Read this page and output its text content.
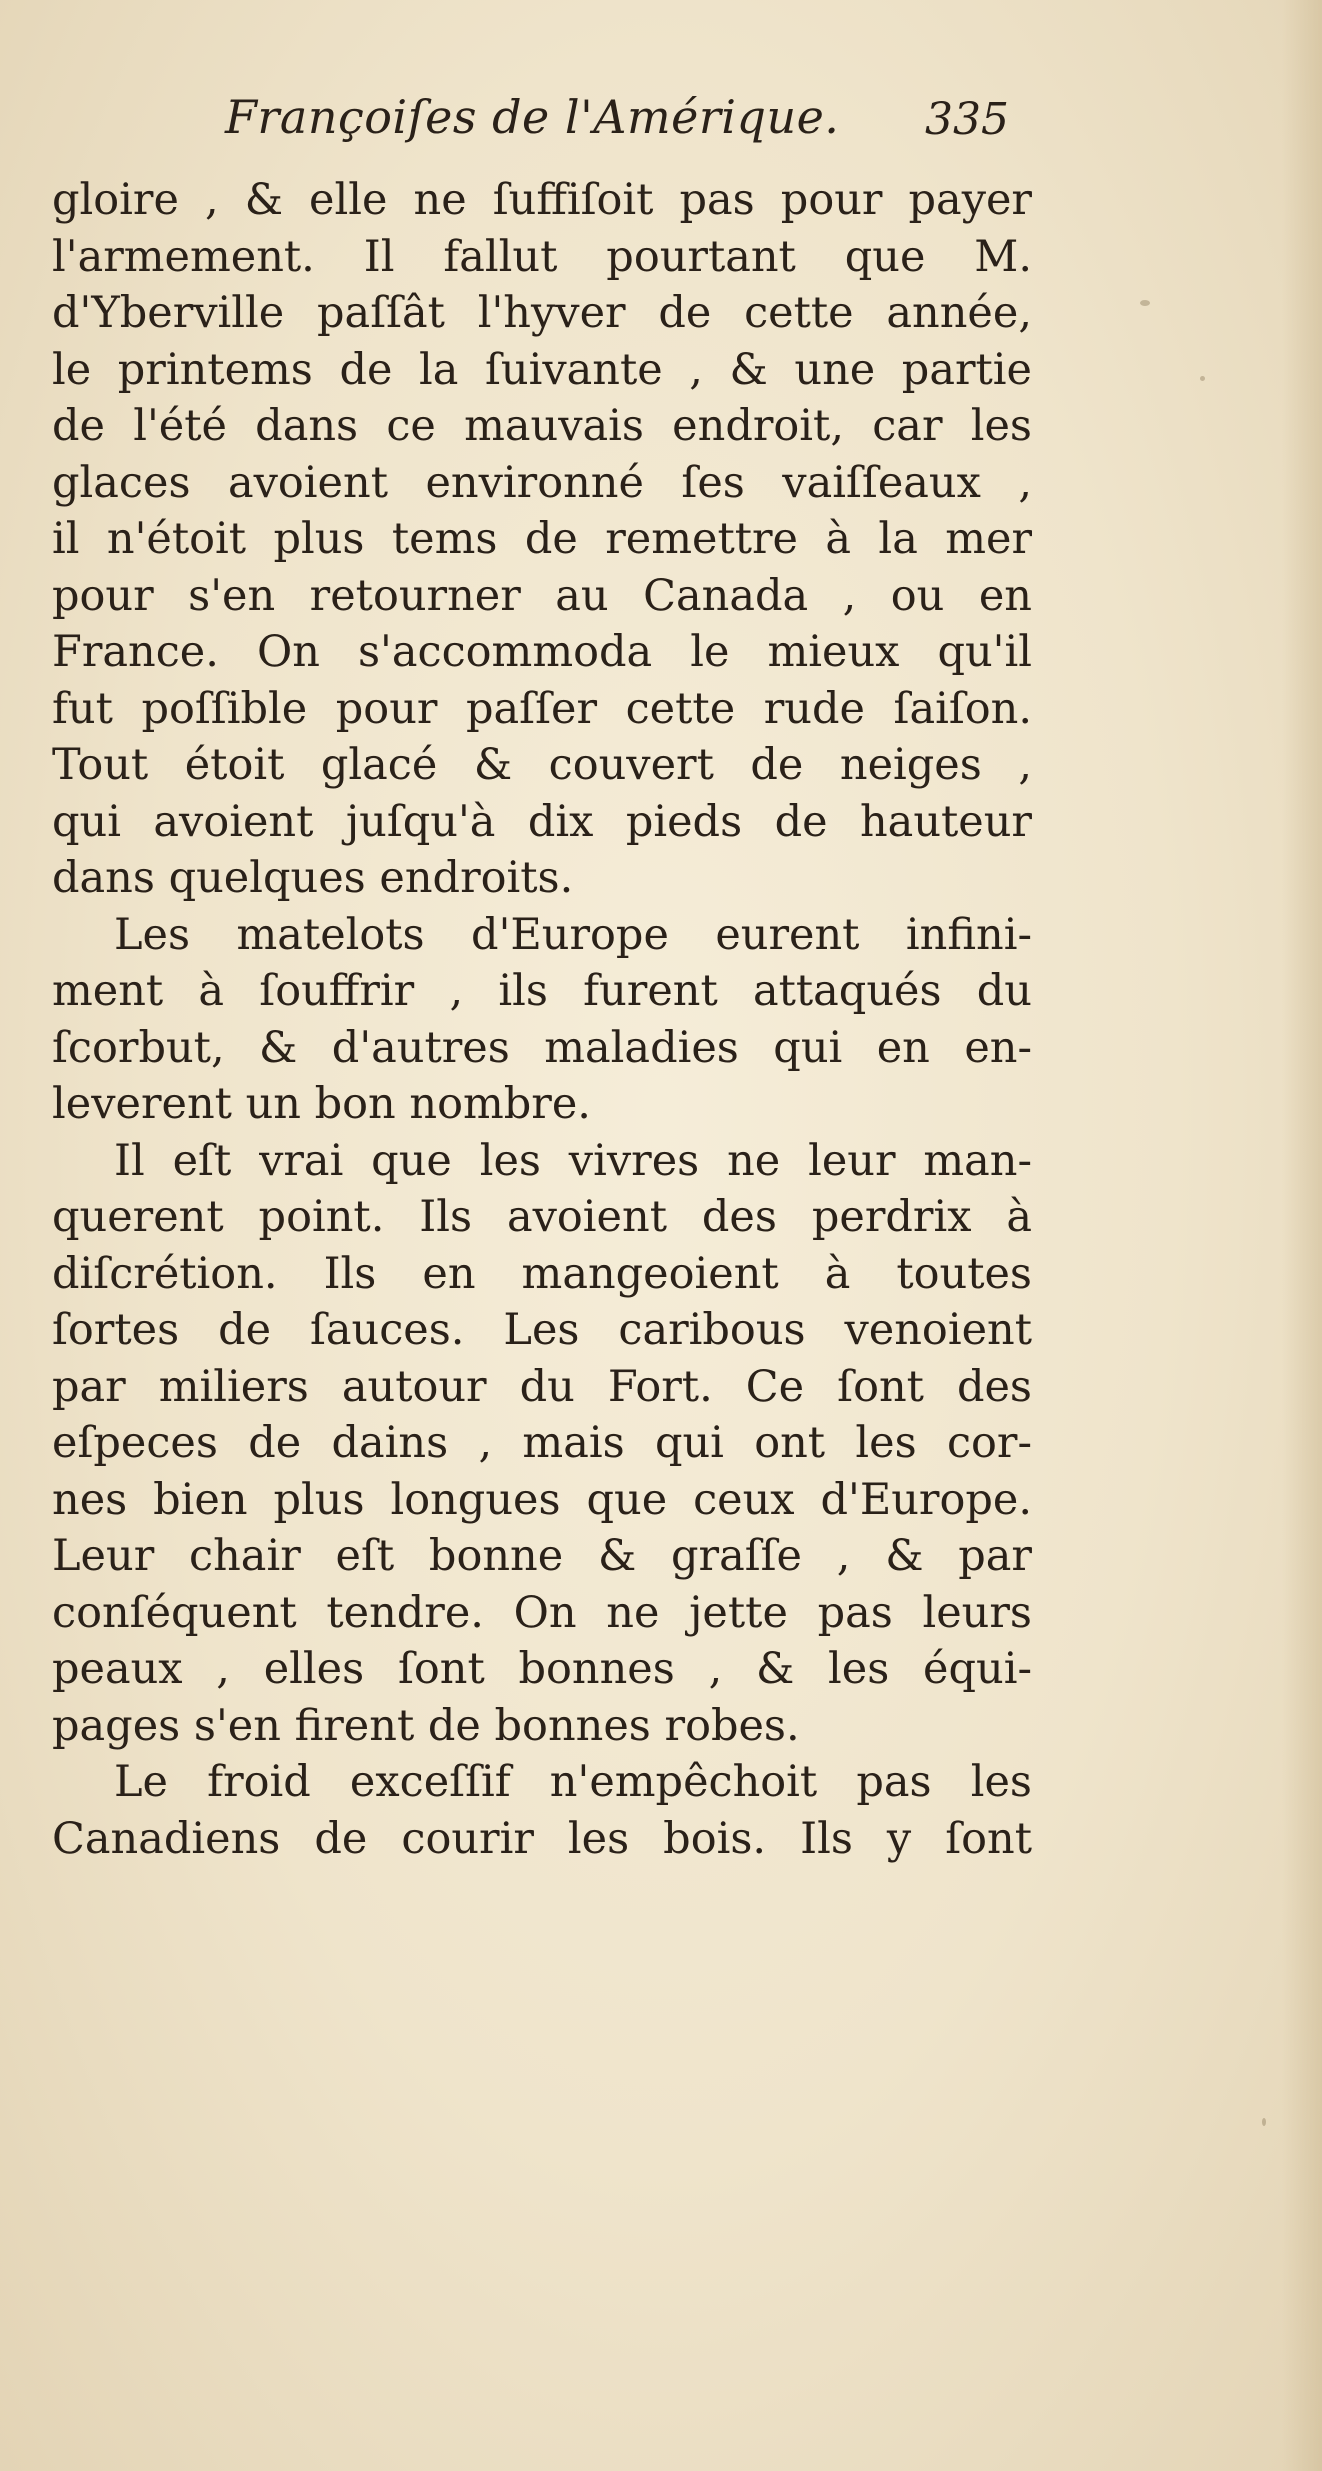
Françoiſes de l'Amérique. 335
gloire , & elle ne ſuffiſoit pas pour payer
l'armement. Il fallut pourtant que M.
d'Yberville paſſât l'hyver de cette année,
le printems de la ſuivante , & une partie
de l'été dans ce mauvais endroit, car les
glaces avoient environné ſes vaiſſeaux ,
il n'étoit plus tems de remettre à la mer
pour s'en retourner au Canada , ou en
France. On s'accommoda le mieux qu'il
fut poſſible pour paſſer cette rude ſaiſon.
Tout étoit glacé & couvert de neiges ,
qui avoient juſqu'à dix pieds de hauteur
dans quelques endroits.
Les matelots d'Europe eurent infini-
ment à ſouffrir , ils furent attaqués du
ſcorbut, & d'autres maladies qui en en-
leverent un bon nombre.
Il eſt vrai que les vivres ne leur man-
querent point. Ils avoient des perdrix à
diſcrétion. Ils en mangeoient à toutes
ſortes de ſauces. Les caribous venoient
par miliers autour du Fort. Ce ſont des
eſpeces de dains , mais qui ont les cor-
nes bien plus longues que ceux d'Europe.
Leur chair eſt bonne & graſſe , & par
conſéquent tendre. On ne jette pas leurs
peaux , elles ſont bonnes , & les équi-
pages s'en firent de bonnes robes.
Le froid exceſſif n'empêchoit pas les
Canadiens de courir les bois. Ils y ſont
